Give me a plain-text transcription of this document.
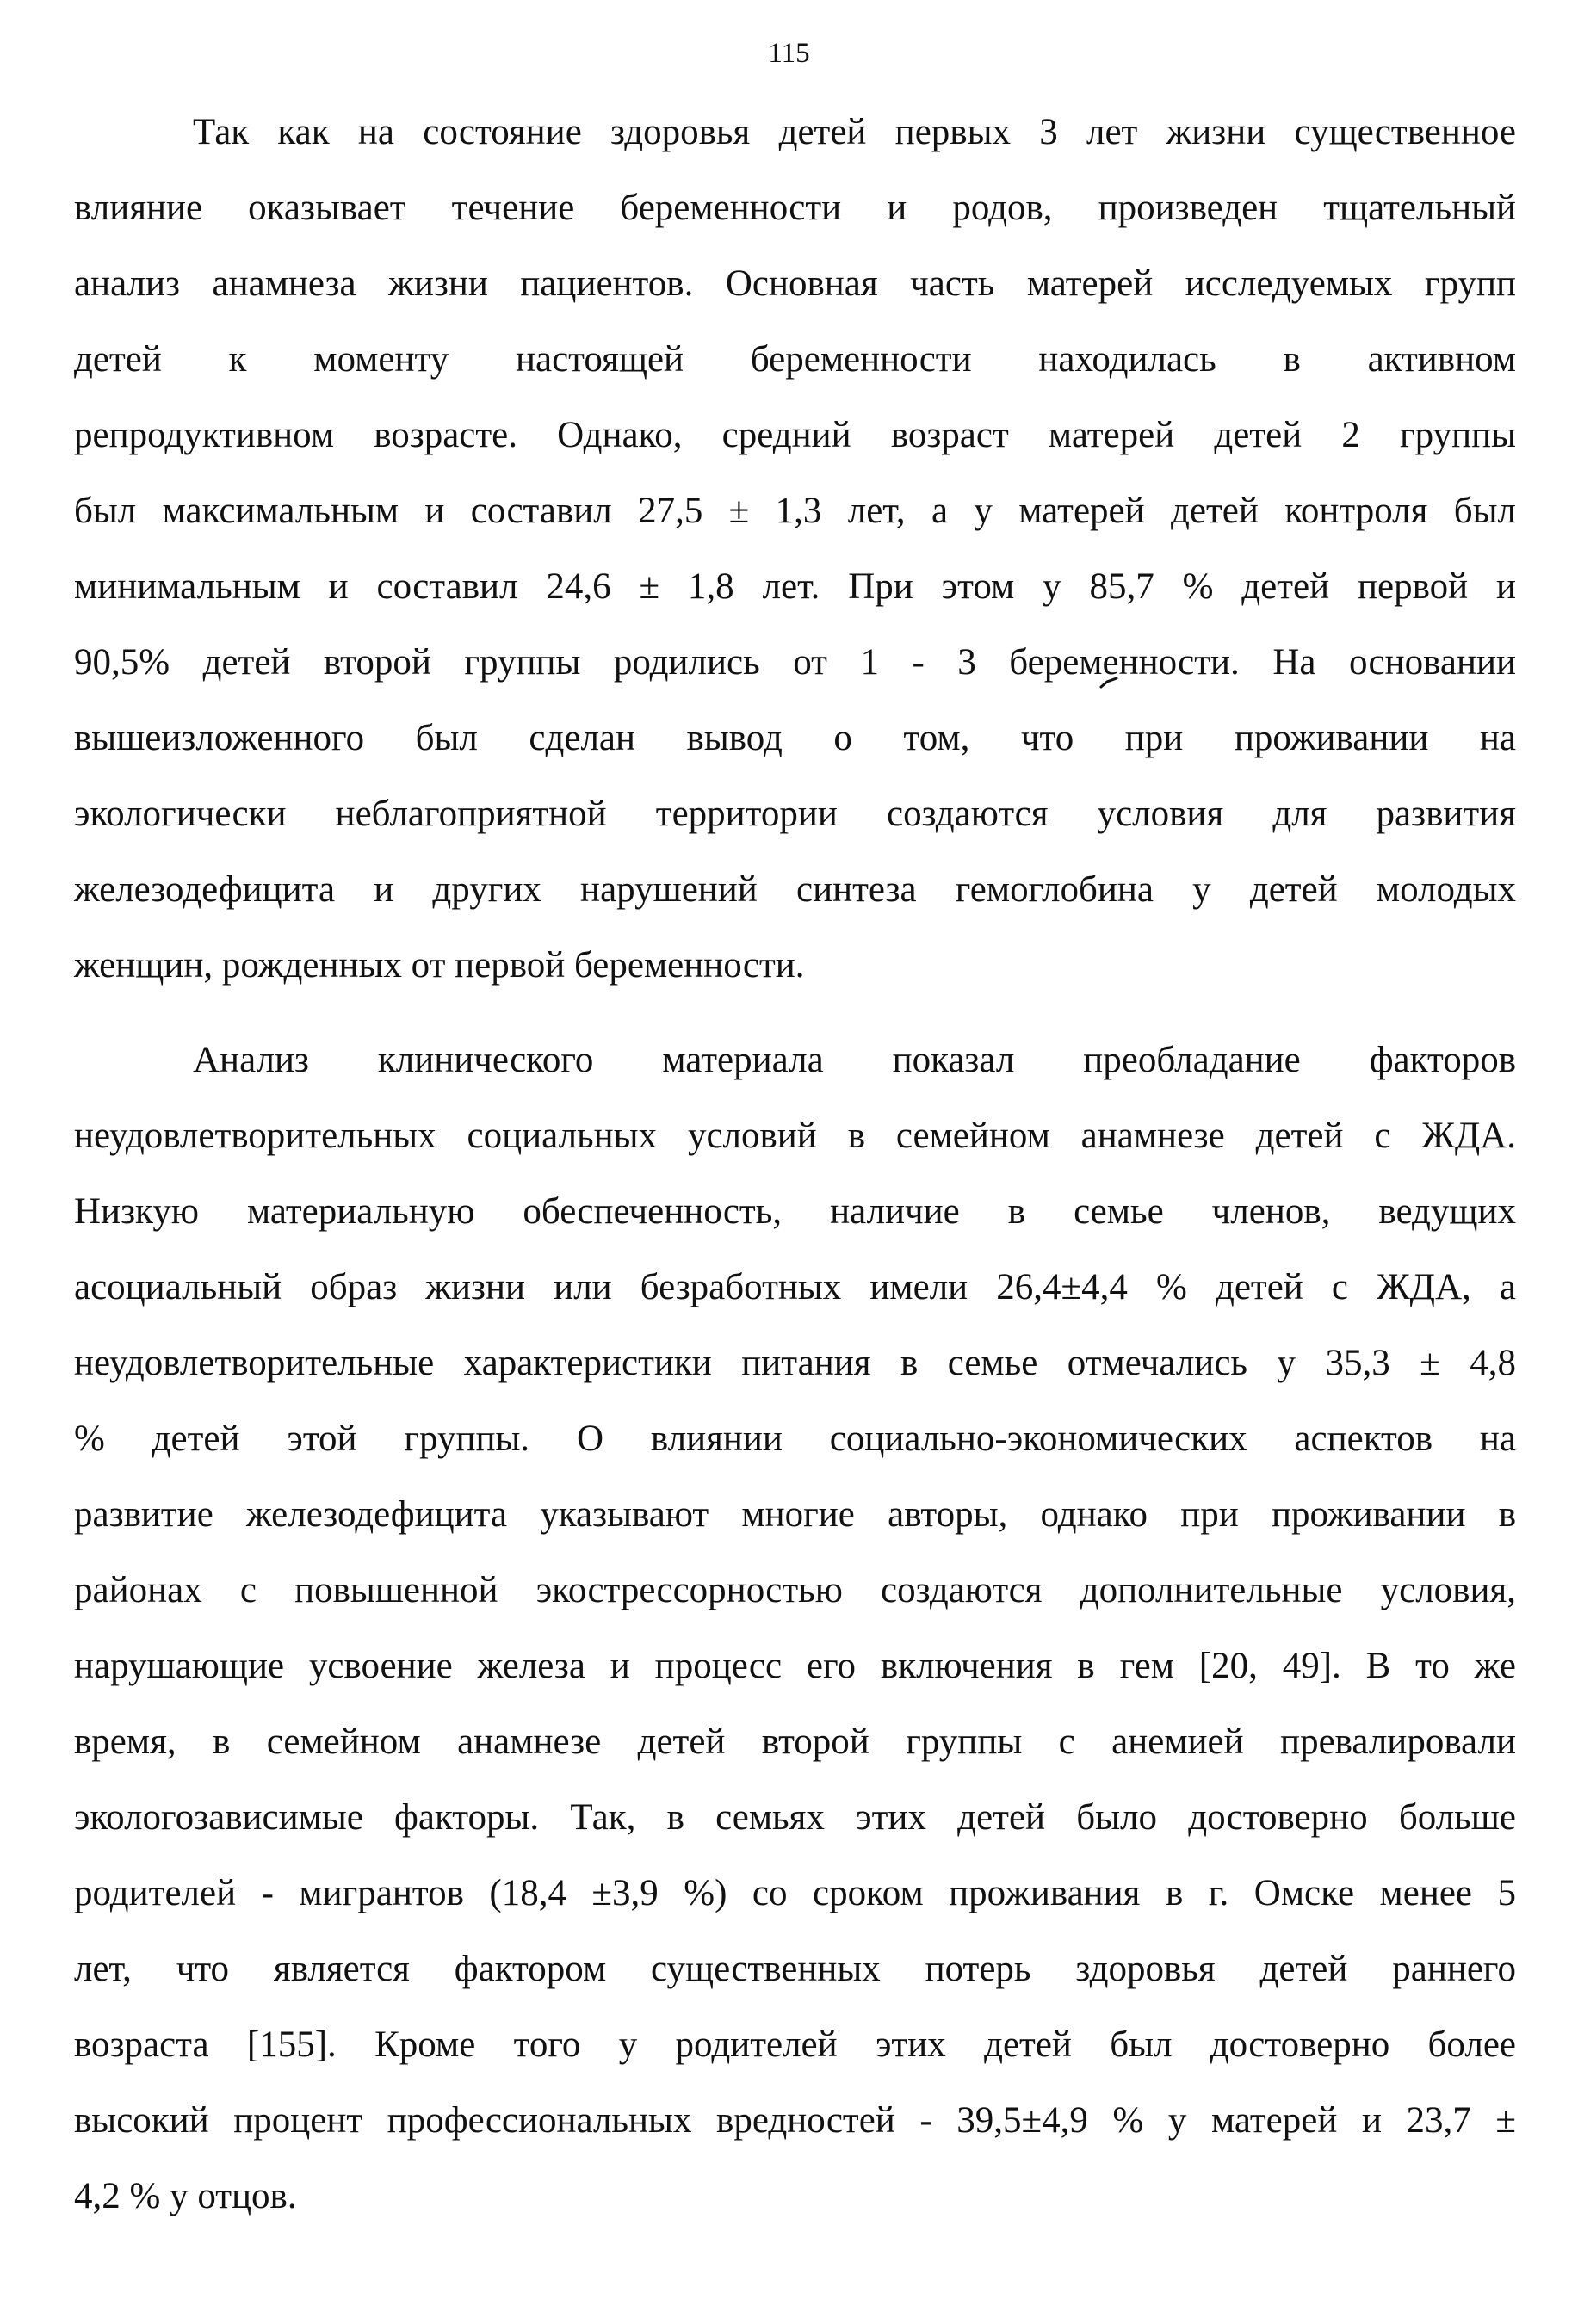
115
Так как на состояние здоровья детей первых 3 лет жизни существенное
влияние оказывает течение беременности и родов, произведен тщательный
анализ анамнеза жизни пациентов. Основная часть матерей исследуемых групп
детей к моменту настоящей беременности находилась в активном
репродуктивном возрасте. Однако, средний возраст матерей детей 2 группы
был максимальным и составил 27,5 ± 1,3 лет, а у матерей детей контроля был
минимальным и составил 24,6 ± 1,8 лет. При этом у 85,7 % детей первой и
90,5% детей второй группы родились от 1 - 3 беременности. На основании
вышеизложенного был сделан вывод о том, что при проживании на
экологически неблагоприятной территории создаются условия для развития
железодефицита и других нарушений синтеза гемоглобина у детей молодых
женщин, рожденных от первой беременности.
Анализ клинического материала показал преобладание факторов
неудовлетворительных социальных условий в семейном анамнезе детей с ЖДА.
Низкую материальную обеспеченность, наличие в семье членов, ведущих
асоциальный образ жизни или безработных имели 26,4±4,4 % детей с ЖДА, а
неудовлетворительные характеристики питания в семье отмечались у 35,3 ± 4,8
% детей этой группы. О влиянии социально-экономических аспектов на
развитие железодефицита указывают многие авторы, однако при проживании в
районах с повышенной экострессорностью создаются дополнительные условия,
нарушающие усвоение железа и процесс его включения в гем [20, 49]. В то же
время, в семейном анамнезе детей второй группы с анемией превалировали
экологозависимые факторы. Так, в семьях этих детей было достоверно больше
родителей - мигрантов (18,4 ±3,9 %) со сроком проживания в г. Омске менее 5
лет, что является фактором существенных потерь здоровья детей раннего
возраста [155]. Кроме того у родителей этих детей был достоверно более
высокий процент профессиональных вредностей - 39,5±4,9 % у матерей и 23,7 ±
4,2 % у отцов.
